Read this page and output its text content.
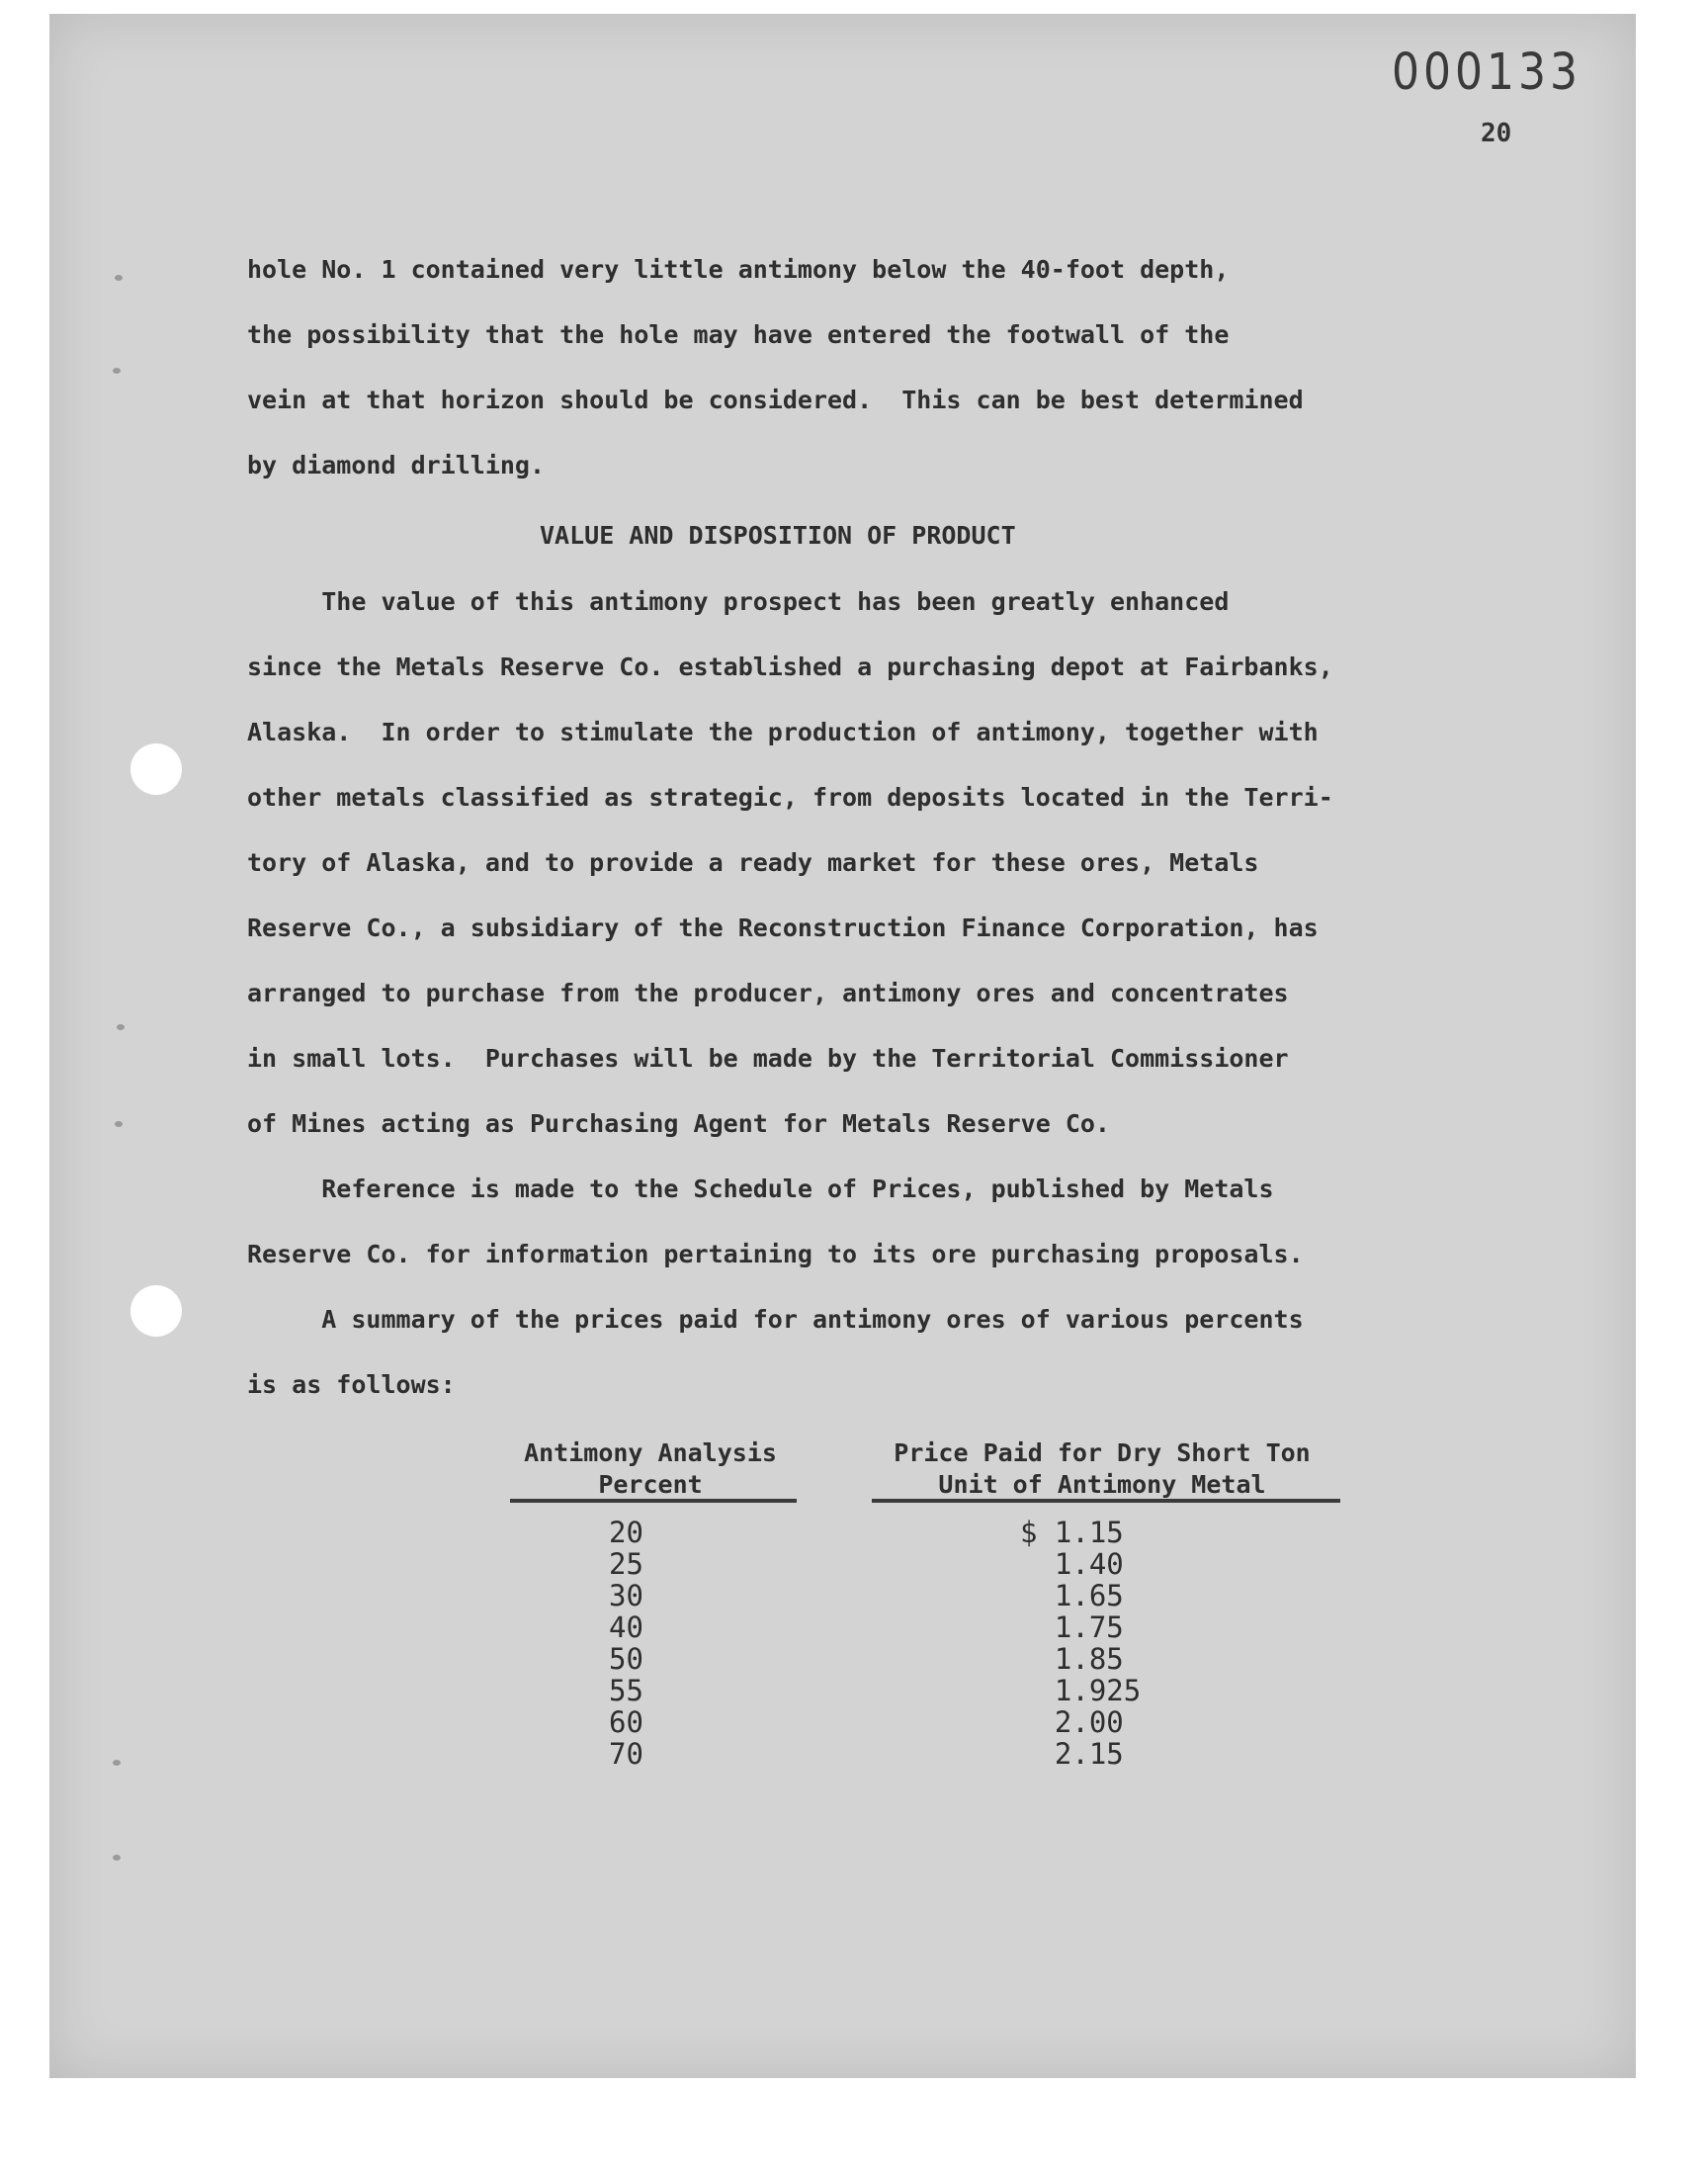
000133
20

hole No. 1 contained very little antimony below the 40-foot depth,

the possibility that the hole may have entered the footwall of the

vein at that horizon should be considered.  This can be best determined

by diamond drilling.

VALUE AND DISPOSITION OF PRODUCT

The value of this antimony prospect has been greatly enhanced

since the Metals Reserve Co. established a purchasing depot at Fairbanks,

Alaska.  In order to stimulate the production of antimony, together with

other metals classified as strategic, from deposits located in the Terri-

tory of Alaska, and to provide a ready market for these ores, Metals

Reserve Co., a subsidiary of the Reconstruction Finance Corporation, has

arranged to purchase from the producer, antimony ores and concentrates

in small lots.  Purchases will be made by the Territorial Commissioner

of Mines acting as Purchasing Agent for Metals Reserve Co.

Reference is made to the Schedule of Prices, published by Metals

Reserve Co. for information pertaining to its ore purchasing proposals.

A summary of the prices paid for antimony ores of various percents

is as follows:

Antimony Analysis
Percent
Price Paid for Dry Short Ton
Unit of Antimony Metal
20
25
30
40
50
55
60
70
$ 1.15
1.40
1.65
1.75
1.85
1.925
2.00
2.15
